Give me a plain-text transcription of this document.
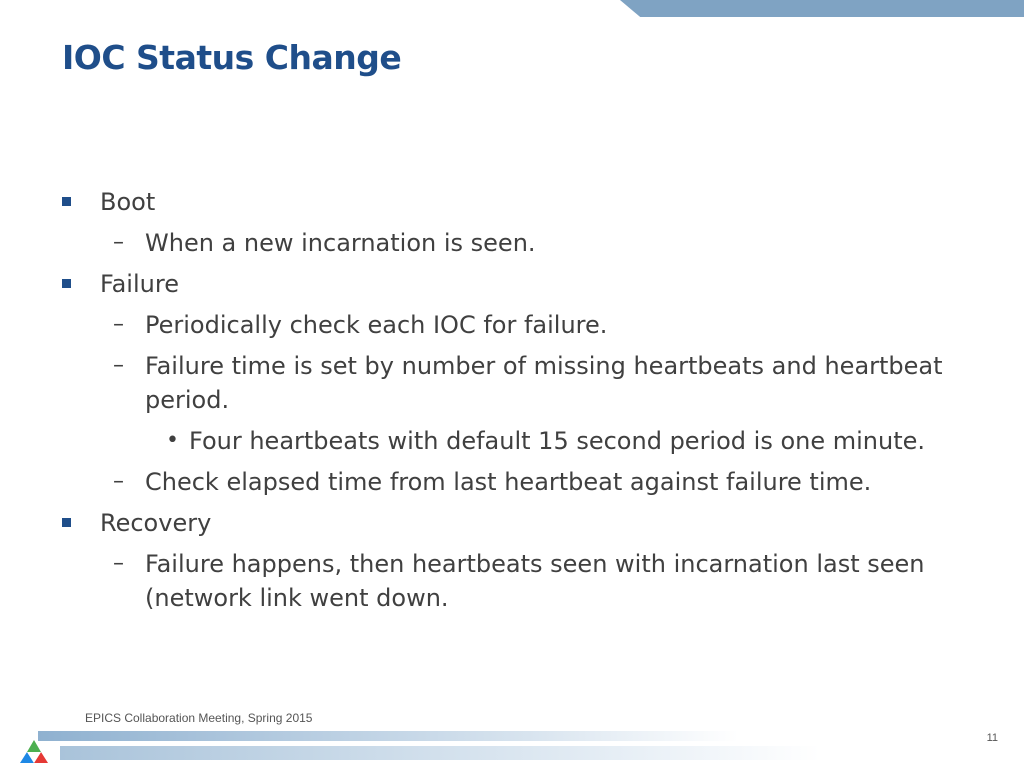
IOC Status Change
Boot
– When a new incarnation is seen.
Failure
– Periodically check each IOC for failure.
– Failure time is set by number of missing heartbeats and heartbeat
period.
• Four heartbeats with default 15 second period is one minute.
– Check elapsed time from last heartbeat against failure time.
Recovery
– Failure happens, then heartbeats seen with incarnation last seen
(network link went down.
EPICS Collaboration Meeting, Spring 2015
11
